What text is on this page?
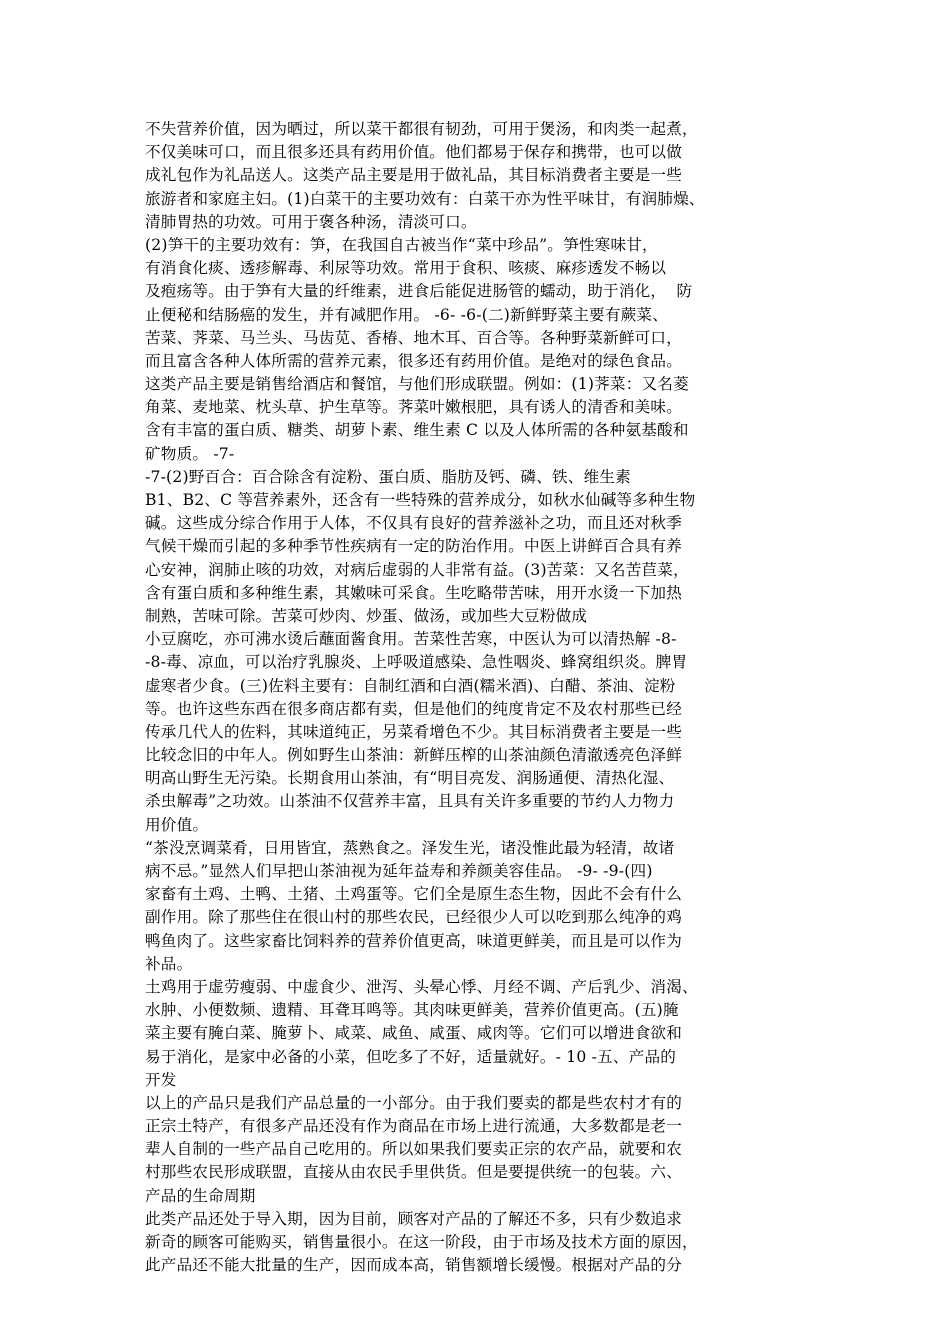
不失营养价值，因为晒过，所以菜干都很有韧劲，可用于煲汤，和肉类一起煮，
不仅美味可口，而且很多还具有药用价值。他们都易于保存和携带，也可以做
成礼包作为礼品送人。这类产品主要是用于做礼品，其目标消费者主要是一些
旅游者和家庭主妇。(1)白菜干的主要功效有：白菜干亦为性平味甘，有润肺燥、
清肺胃热的功效。可用于褒各种汤，清淡可口。
(2)笋干的主要功效有：笋，在我国自古被当作“菜中珍品”。笋性寒味甘，
有消食化痰、透疹解毒、利尿等功效。常用于食积、咳痰、麻疹透发不畅以
及疱疡等。由于笋有大量的纤维素，进食后能促进肠管的蠕动，助于消化，  防
止便秘和结肠癌的发生，并有减肥作用。 -6- -6-(二)新鲜野菜主要有蕨菜、
苦菜、荠菜、马兰头、马齿苋、香椿、地木耳、百合等。各种野菜新鲜可口，
而且富含各种人体所需的营养元素，很多还有药用价值。是绝对的绿色食品。
这类产品主要是销售给酒店和餐馆，与他们形成联盟。例如：(1)荠菜：又名菱
角菜、麦地菜、枕头草、护生草等。荠菜叶嫩根肥，具有诱人的清香和美味。
含有丰富的蛋白质、糖类、胡萝卜素、维生素 C 以及人体所需的各种氨基酸和
矿物质。 -7-
-7-(2)野百合：百合除含有淀粉、蛋白质、脂肪及钙、磷、铁、维生素
B1、B2、C 等营养素外，还含有一些特殊的营养成分，如秋水仙碱等多种生物
碱。这些成分综合作用于人体，不仅具有良好的营养滋补之功，而且还对秋季
气候干燥而引起的多种季节性疾病有一定的防治作用。中医上讲鲜百合具有养
心安神，润肺止咳的功效，对病后虚弱的人非常有益。(3)苦菜：又名苦苣菜，
含有蛋白质和多种维生素，其嫩味可采食。生吃略带苦味，用开水烫一下加热
制熟，苦味可除。苦菜可炒肉、炒蛋、做汤，或加些大豆粉做成
小豆腐吃，亦可沸水烫后蘸面酱食用。苦菜性苦寒，中医认为可以清热解 -8-
-8-毒、凉血，可以治疗乳腺炎、上呼吸道感染、急性咽炎、蜂窝组织炎。脾胃
虚寒者少食。(三)佐料主要有：自制红酒和白酒(糯米酒)、白醋、茶油、淀粉
等。也许这些东西在很多商店都有卖，但是他们的纯度肯定不及农村那些已经
传承几代人的佐料，其味道纯正，另菜肴增色不少。其目标消费者主要是一些
比较念旧的中年人。例如野生山茶油：新鲜压榨的山茶油颜色清澈透亮色泽鲜
明高山野生无污染。长期食用山茶油，有“明目亮发、润肠通便、清热化湿、
杀虫解毒”之功效。山茶油不仅营养丰富，且具有关许多重要的节约人力物力
用价值。
“茶没烹调菜肴，日用皆宜，蒸熟食之。泽发生光，诸没惟此最为轻清，故诸
病不忌。”显然人们早把山茶油视为延年益寿和养颜美容佳品。 -9- -9-(四)
家畜有土鸡、土鸭、土猪、土鸡蛋等。它们全是原生态生物，因此不会有什么
副作用。除了那些住在很山村的那些农民，已经很少人可以吃到那么纯净的鸡
鸭鱼肉了。这些家畜比饲料养的营养价值更高，味道更鲜美，而且是可以作为
补品。
土鸡用于虚劳瘦弱、中虚食少、泄泻、头晕心悸、月经不调、产后乳少、消渴、
水肿、小便数频、遗精、耳聋耳鸣等。其肉味更鲜美，营养价值更高。(五)腌
菜主要有腌白菜、腌萝卜、咸菜、咸鱼、咸蛋、咸肉等。它们可以增进食欲和
易于消化，是家中必备的小菜，但吃多了不好，适量就好。- 10 -五、产品的
开发
以上的产品只是我们产品总量的一小部分。由于我们要卖的都是些农村才有的
正宗土特产，有很多产品还没有作为商品在市场上进行流通，大多数都是老一
辈人自制的一些产品自己吃用的。所以如果我们要卖正宗的农产品，就要和农
村那些农民形成联盟，直接从由农民手里供货。但是要提供统一的包装。六、
产品的生命周期
此类产品还处于导入期，因为目前，顾客对产品的了解还不多，只有少数追求
新奇的顾客可能购买，销售量很小。在这一阶段，由于市场及技术方面的原因，
此产品还不能大批量的生产，因而成本高，销售额增长缓慢。根据对产品的分
